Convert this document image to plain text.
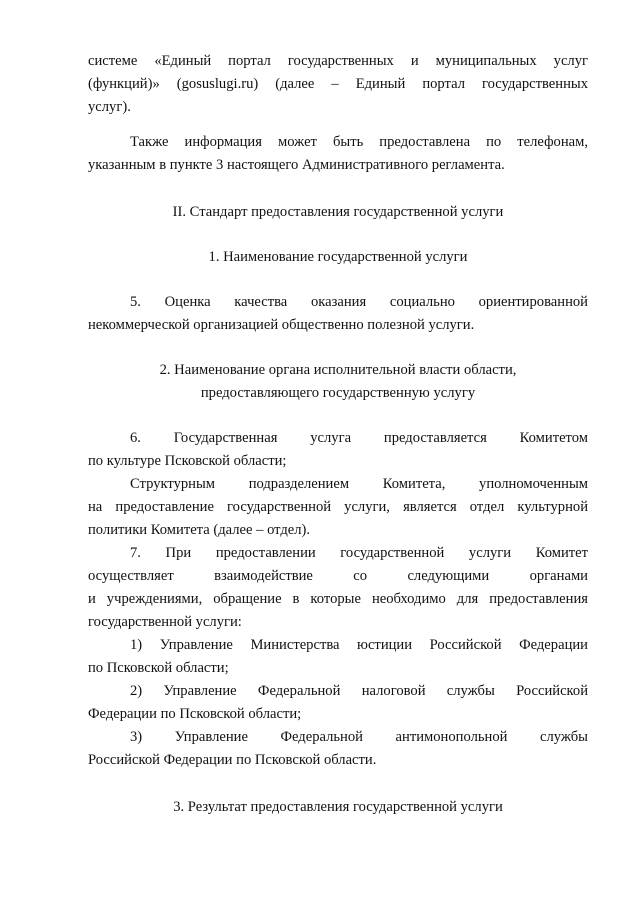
системе «Единый портал государственных и муниципальных услуг
(функций)» (gosuslugi.ru) (далее – Единый портал государственных
услуг).
Также информация может быть предоставлена по телефонам,
указанным в пункте 3 настоящего Административного регламента.
II. Стандарт предоставления государственной услуги
1. Наименование государственной услуги
5. Оценка качества оказания социально ориентированной
некоммерческой организацией общественно полезной услуги.
2. Наименование органа исполнительной власти области,
предоставляющего государственную услугу
6. Государственная услуга предоставляется Комитетом
по культуре Псковской области;
Структурным подразделением Комитета, уполномоченным
на предоставление государственной услуги, является отдел культурной
политики Комитета (далее – отдел).
7. При предоставлении государственной услуги Комитет
осуществляет взаимодействие со следующими органами
и учреждениями, обращение в которые необходимо для предоставления
государственной услуги:
1) Управление Министерства юстиции Российской Федерации
по Псковской области;
2) Управление Федеральной налоговой службы Российской
Федерации по Псковской области;
3) Управление Федеральной антимонопольной службы
Российской Федерации по Псковской области.
3. Результат предоставления государственной услуги
